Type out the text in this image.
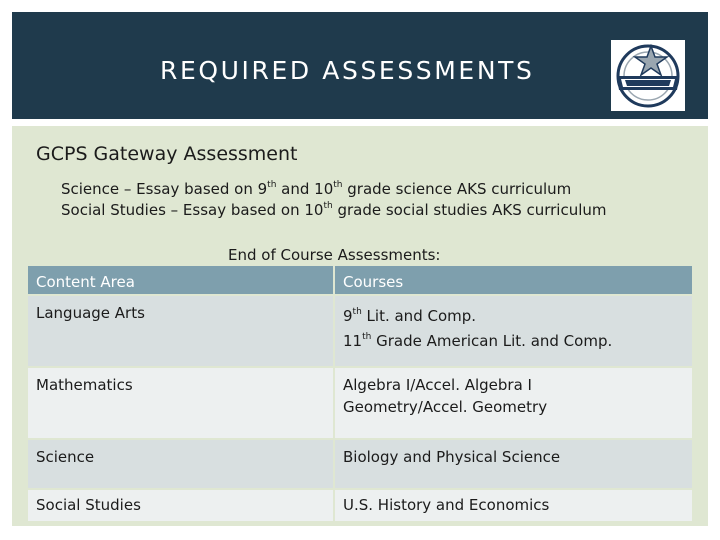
REQUIRED ASSESSMENTS
GCPS Gateway Assessment
Science – Essay based on 9th and 10th grade science AKS curriculum
Social Studies – Essay based on 10th grade social studies AKS curriculum
End of Course Assessments:
Content Area	Courses
Language Arts	9th Lit. and Comp.
11th Grade American Lit. and Comp.
Mathematics	Algebra I/Accel. Algebra I
Geometry/Accel. Geometry
Science	Biology and Physical Science
Social Studies	U.S. History and Economics
